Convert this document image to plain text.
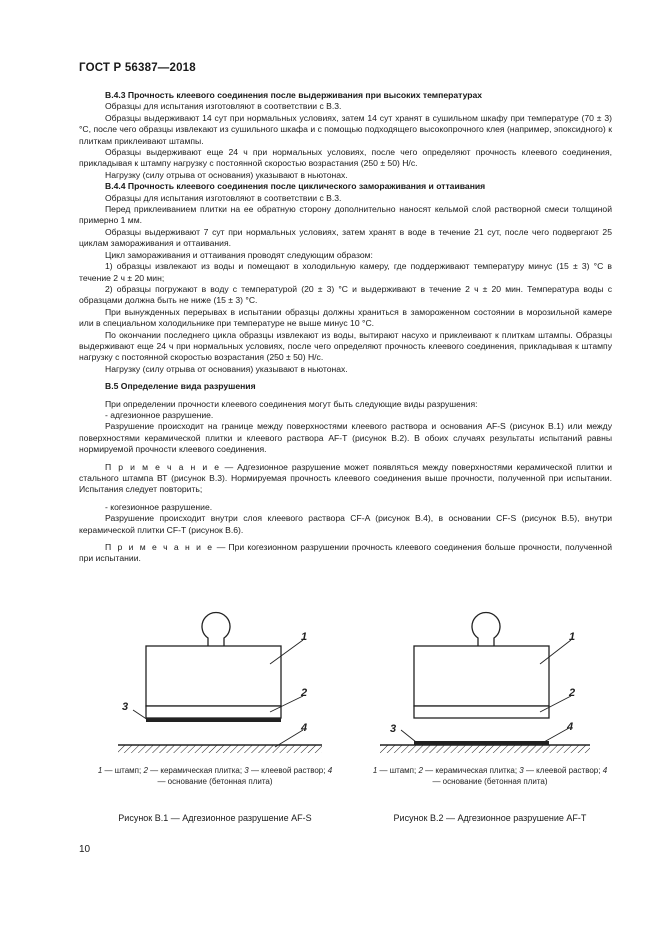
ГОСТ Р 56387—2018

В.4.3 Прочность клеевого соединения после выдерживания при высоких температурах

Образцы для испытания изготовляют в соответствии с В.3.

Образцы выдерживают 14 сут при нормальных условиях, затем 14 сут хранят в сушильном шкафу при температуре (70 ± 3) °С, после чего образцы извлекают из сушильного шкафа и с помощью подходящего высокопрочного клея (например, эпоксидного) к плиткам приклеивают штампы.

Образцы выдерживают еще 24 ч при нормальных условиях, после чего определяют прочность клеевого соединения, прикладывая к штампу нагрузку с постоянной скоростью возрастания (250 ± 50) Н/с.

Нагрузку (силу отрыва от основания) указывают в ньютонах.

В.4.4 Прочность клеевого соединения после циклического замораживания и оттаивания

Образцы для испытания изготовляют в соответствии с В.3.

Перед приклеиванием плитки на ее обратную сторону дополнительно наносят кельмой слой растворной смеси толщиной примерно 1 мм.

Образцы выдерживают 7 сут при нормальных условиях, затем хранят в воде в течение 21 сут, после чего подвергают 25 циклам замораживания и оттаивания.

Цикл замораживания и оттаивания проводят следующим образом:

1) образцы извлекают из воды и помещают в холодильную камеру, где поддерживают температуру минус (15 ± 3) °С в течение 2 ч ± 20 мин;

2) образцы погружают в воду с температурой (20 ± 3) °С и выдерживают в течение 2 ч ± 20 мин. Температура воды с образцами должна быть не ниже (15 ± 3) °С.

При вынужденных перерывах в испытании образцы должны храниться в замороженном состоянии в морозильной камере или в специальном холодильнике при температуре не выше минус 10 °С.

По окончании последнего цикла образцы извлекают из воды, вытирают насухо и приклеивают к плиткам штампы. Образцы выдерживают еще 24 ч при нормальных условиях, после чего определяют прочность клеевого соединения, прикладывая к штампу нагрузку с постоянной скоростью возрастания (250 ± 50) Н/с.

Нагрузку (силу отрыва от основания) указывают в ньютонах.

В.5 Определение вида разрушения

При определении прочности клеевого соединения могут быть следующие виды разрушения:

- адгезионное разрушение.

Разрушение происходит на границе между поверхностями клеевого раствора и основания AF-S (рисунок В.1) или между поверхностями керамической плитки и клеевого раствора AF-T (рисунок В.2). В обоих случаях результаты испытаний равны нормируемой прочности клеевого соединения.

П р и м е ч а н и е — Адгезионное разрушение может появляться между поверхностями керамической плитки и стального штампа ВТ (рисунок В.3). Нормируемая прочность клеевого соединения выше прочности, полученной при испытании. Испытания следует повторить;

- когезионное разрушение.

Разрушение происходит внутри слоя клеевого раствора CF-A (рисунок В.4), в основании CF-S (рисунок В.5), внутри керамической плитки CF-T (рисунок В.6).

П р и м е ч а н и е — При когезионном разрушении прочность клеевого соединения больше прочности, полученной при испытании.

1
2
3
4
1 — штамп; 2 — керамическая плитка; 3 — клеевой раствор; 4 — основание (бетонная плита)
Рисунок В.1 — Адгезионное разрушение AF-S
1
2
3	4
1 — штамп; 2 — керамическая плитка; 3 — клеевой раствор; 4 — основание (бетонная плита)
Рисунок В.2 — Адгезионное разрушение AF-T
10
